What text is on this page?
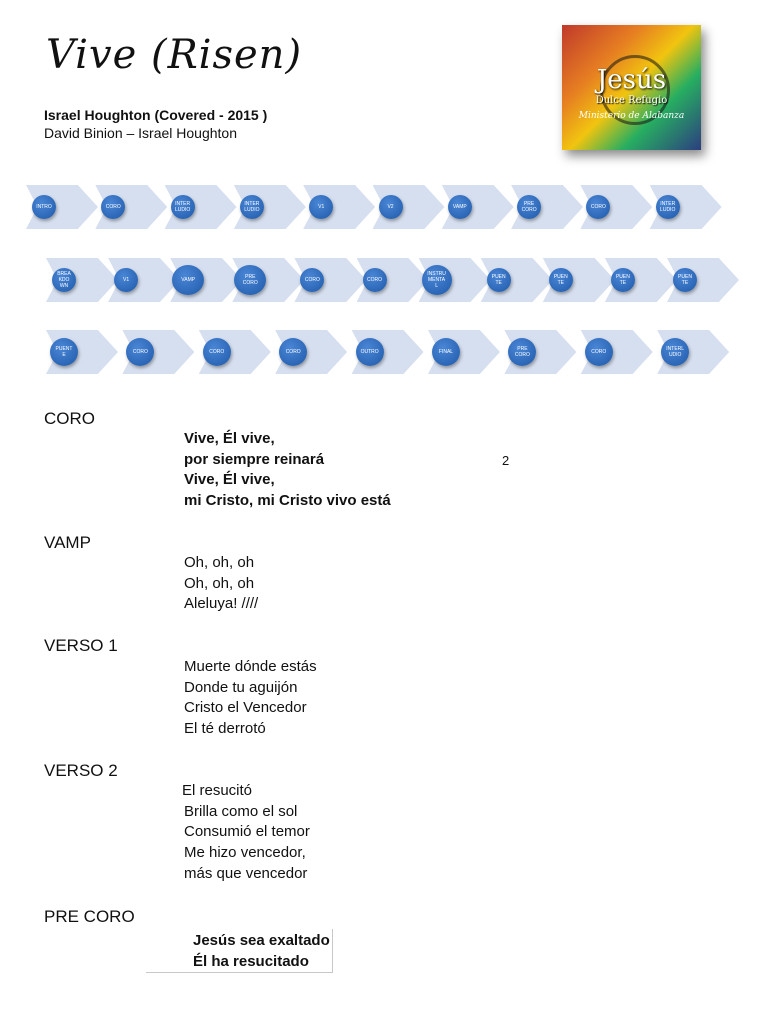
Vive (Risen)
Israel Houghton (Covered - 2015 )
David Binion – Israel Houghton
Jesús
Dulce Refugio
Ministerio de Alabanza
INTRO	CORO	INTER
LUDIO
INTER
LUDIO	V1	V2	VAMP	PRE
CORO	CORO	INTER
LUDIO
BREA
KDO
WN
V1	VAMP	PRE
CORO	CORO	CORO
INSTRU
MENTA
L
PUEN
TE
PUEN
TE
PUEN
TE
PUEN
TE
PUENT
E	CORO	CORO	CORO	OUTRO	FINAL	PRE
CORO	CORO	INTERL
UDIO
2
CORO
Vive, Él vive,
por siempre reinará
Vive, Él vive,
mi Cristo, mi Cristo vivo está
VAMP
Oh, oh, oh
Oh, oh, oh
Aleluya! ////
VERSO 1
Muerte dónde estás
Donde tu aguijón
Cristo el Vencedor
El té derrotó
VERSO 2
El resucitó
Brilla como el sol
Consumió el temor
Me hizo vencedor,
más que vencedor
PRE CORO
Jesús sea exaltado
Él ha resucitado
